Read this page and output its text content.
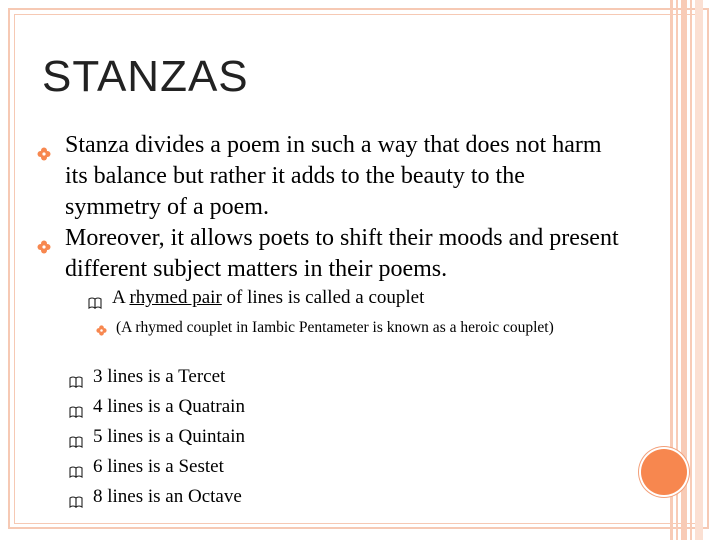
STANZAS
Stanza divides a poem in such a way that does not harm its balance but rather it adds to the beauty to the symmetry of a poem.
Moreover, it allows poets to shift their moods and present different subject matters in their poems.
A rhymed pair of lines is called a couplet
(A rhymed couplet in Iambic Pentameter is known as a heroic couplet)
3 lines is a Tercet
4 lines is a Quatrain
5 lines is a Quintain
6 lines is a Sestet
8 lines is an Octave
